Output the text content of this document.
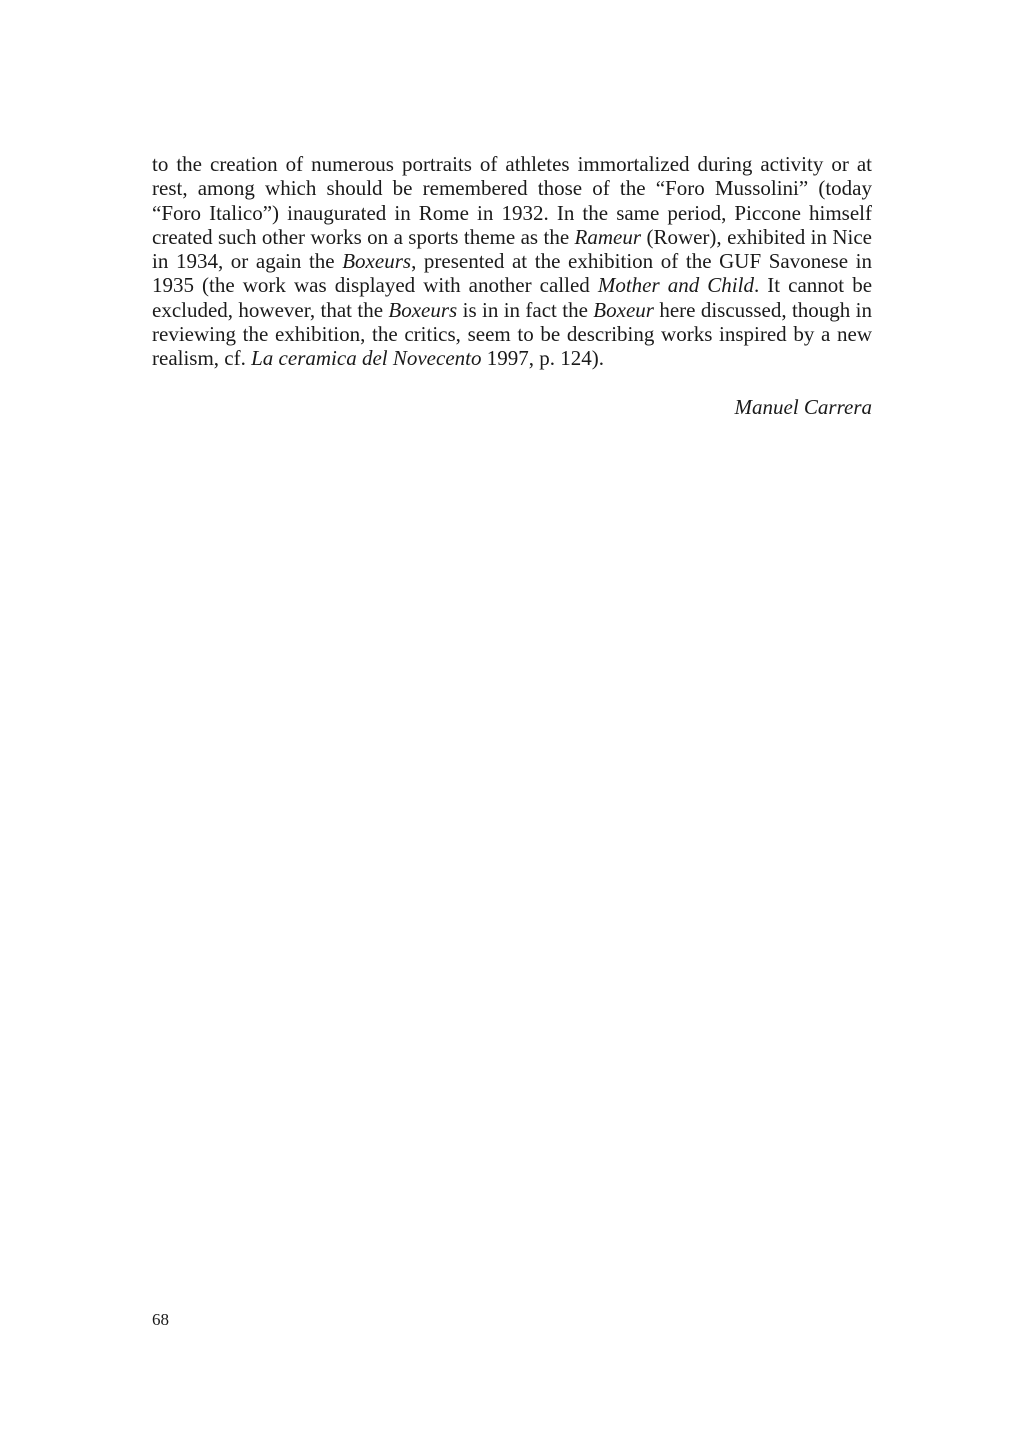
to the creation of numerous portraits of athletes immortalized during activity or at rest, among which should be remembered those of the “Foro Mussolini” (today “Foro Italico”) inaugurated in Rome in 1932. In the same period, Piccone himself created such other works on a sports theme as the Rameur (Rower), exhibited in Nice in 1934, or again the Boxeurs, presented at the exhibition of the GUF Savonese in 1935 (the work was displayed with another called Mother and Child. It cannot be excluded, however, that the Boxeurs is in in fact the Boxeur here discussed, though in reviewing the exhibition, the critics, seem to be describing works inspired by a new realism, cf. La ceramica del Novecento 1997, p. 124).

Manuel Carrera

68
